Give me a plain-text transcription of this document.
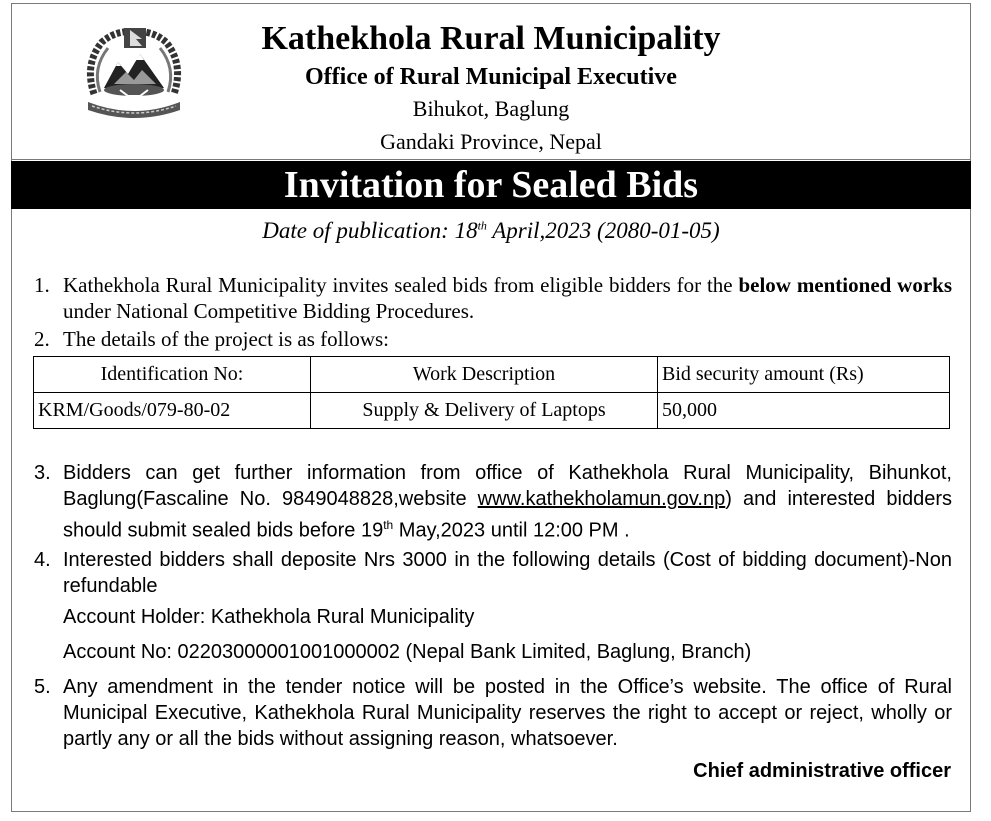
Kathekhola Rural Municipality
Office of Rural Municipal Executive
Bihukot, Baglung
Gandaki Province, Nepal
Invitation for Sealed Bids
Date of publication: 18th April,2023 (2080-01-05)
1. Kathekhola Rural Municipality invites sealed bids from eligible bidders for the below mentioned works under National Competitive Bidding Procedures.
2. The details of the project is as follows:
Identification No:	Work Description	Bid security amount (Rs)
KRM/Goods/079-80-02	Supply & Delivery of Laptops	50,000
3. Bidders can get further information from office of Kathekhola Rural Municipality, Bihunkot, Baglung(Fascaline No. 9849048828,website www.kathekholamun.gov.np) and interested bidders should submit sealed bids before 19th May,2023 until 12:00 PM .
4. Interested bidders shall deposite Nrs 3000 in the following details (Cost of bidding document)-Non refundable
Account Holder: Kathekhola Rural Municipality
Account No: 02203000001001000002 (Nepal Bank Limited, Baglung, Branch)
5. Any amendment in the tender notice will be posted in the Office’s website. The office of Rural Municipal Executive, Kathekhola Rural Municipality reserves the right to accept or reject, wholly or partly any or all the bids without assigning reason, whatsoever.
Chief administrative officer
